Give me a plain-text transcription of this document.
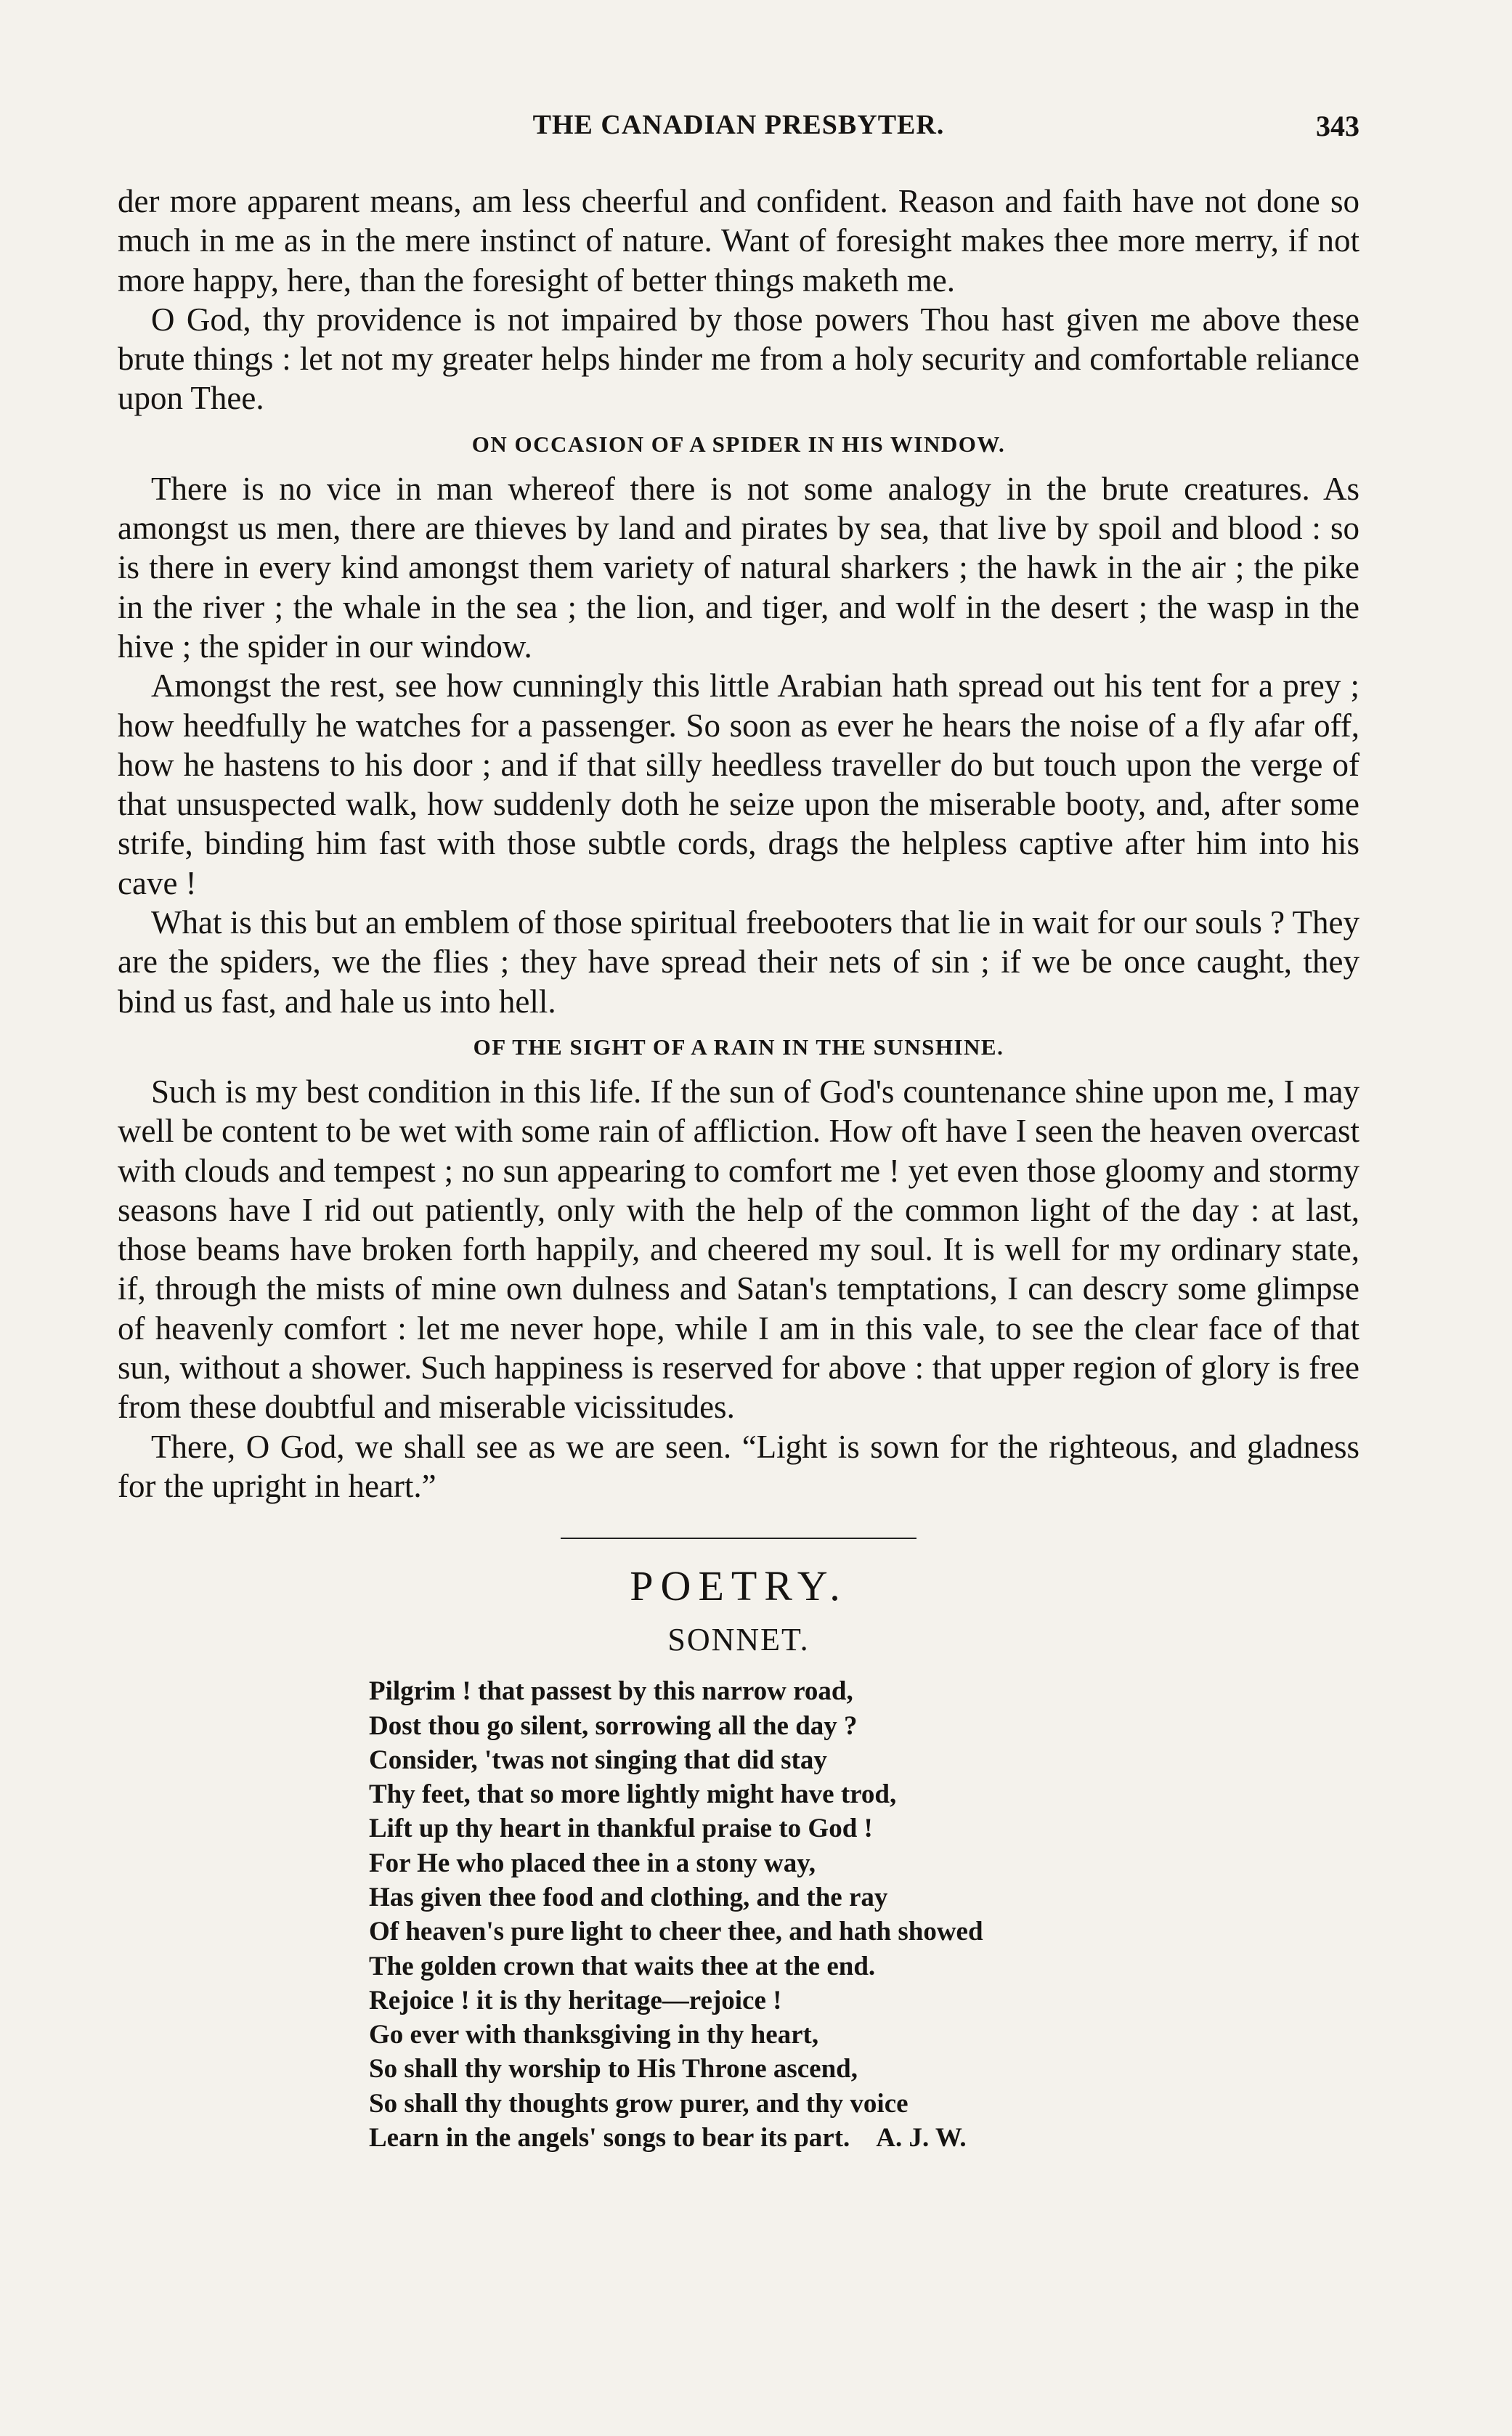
THE CANADIAN PRESBYTER.	343

der more apparent means, am less cheerful and confident. Reason and faith have not done so much in me as in the mere instinct of nature. Want of foresight makes thee more merry, if not more happy, here, than the foresight of better things maketh me.

O God, thy providence is not impaired by those powers Thou hast given me above these brute things : let not my greater helps hinder me from a holy security and comfortable reliance upon Thee.

ON OCCASION OF A SPIDER IN HIS WINDOW.

There is no vice in man whereof there is not some analogy in the brute creatures. As amongst us men, there are thieves by land and pirates by sea, that live by spoil and blood : so is there in every kind amongst them variety of natural sharkers ; the hawk in the air ; the pike in the river ; the whale in the sea ; the lion, and tiger, and wolf in the desert ; the wasp in the hive ; the spider in our window.

Amongst the rest, see how cunningly this little Arabian hath spread out his tent for a prey ; how heedfully he watches for a passenger. So soon as ever he hears the noise of a fly afar off, how he hastens to his door ; and if that silly heedless traveller do but touch upon the verge of that unsuspected walk, how suddenly doth he seize upon the miserable booty, and, after some strife, binding him fast with those subtle cords, drags the helpless captive after him into his cave !

What is this but an emblem of those spiritual freebooters that lie in wait for our souls ? They are the spiders, we the flies ; they have spread their nets of sin ; if we be once caught, they bind us fast, and hale us into hell.

OF THE SIGHT OF A RAIN IN THE SUNSHINE.

Such is my best condition in this life. If the sun of God's countenance shine upon me, I may well be content to be wet with some rain of affliction. How oft have I seen the heaven overcast with clouds and tempest ; no sun appearing to comfort me ! yet even those gloomy and stormy seasons have I rid out patiently, only with the help of the common light of the day : at last, those beams have broken forth happily, and cheered my soul. It is well for my ordinary state, if, through the mists of mine own dulness and Satan's temptations, I can descry some glimpse of heavenly comfort : let me never hope, while I am in this vale, to see the clear face of that sun, without a shower. Such happiness is reserved for above : that upper region of glory is free from these doubtful and miserable vicissitudes.

There, O God, we shall see as we are seen. “Light is sown for the righteous, and gladness for the upright in heart.”

POETRY.
SONNET.
Pilgrim ! that passest by this narrow road,
Dost thou go silent, sorrowing all the day ?
Consider, 'twas not singing that did stay
Thy feet, that so more lightly might have trod,
Lift up thy heart in thankful praise to God !
For He who placed thee in a stony way,
Has given thee food and clothing, and the ray
Of heaven's pure light to cheer thee, and hath showed
The golden crown that waits thee at the end.
Rejoice ! it is thy heritage—rejoice !
Go ever with thanksgiving in thy heart,
So shall thy worship to His Throne ascend,
So shall thy thoughts grow purer, and thy voice
Learn in the angels' songs to bear its part. A. J. W.
